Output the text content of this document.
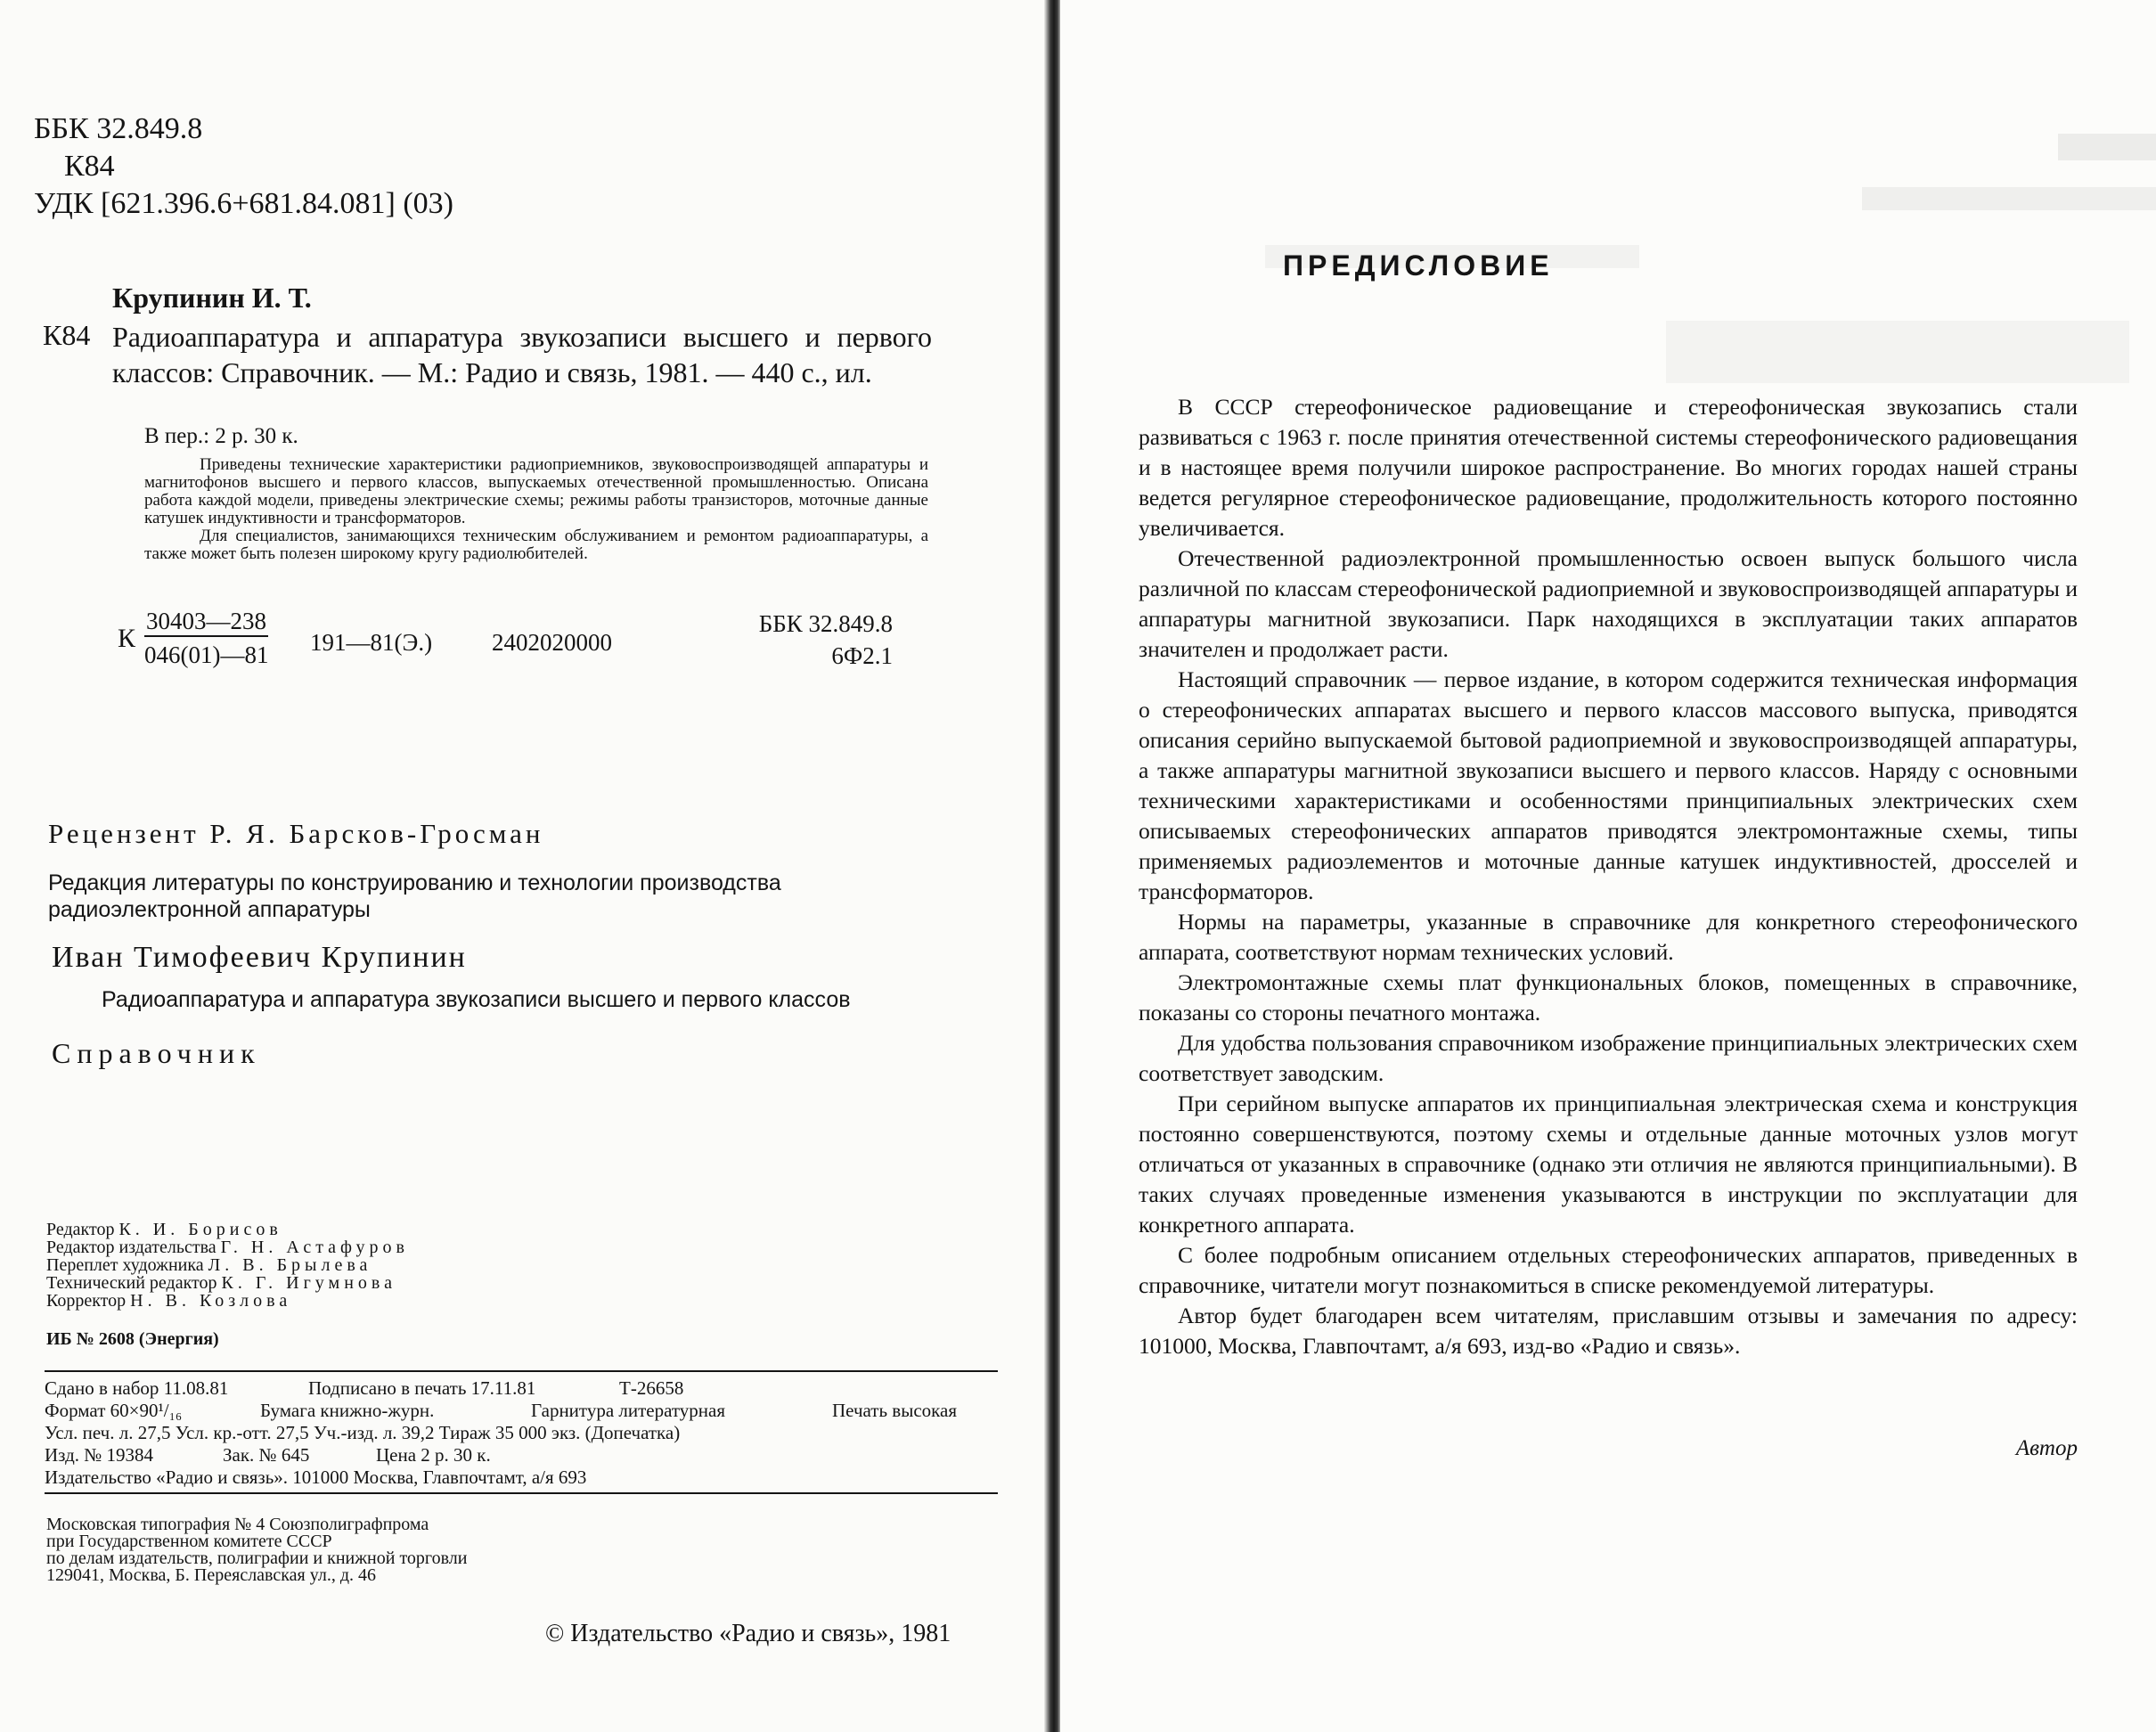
ББК 32.849.8
К84
УДК [621.396.6+681.84.081] (03)
Крупинин И. Т.
К84 Радиоаппаратура и аппаратура звукозаписи высшего и первого классов: Справочник. — М.: Радио и связь, 1981. — 440 с., ил.
В пер.: 2 р. 30 к.

Приведены технические характеристики радиоприемников, звуковоспроизводящей аппаратуры и магнитофонов высшего и первого классов, выпускаемых отечественной промышленностью. Описана работа каждой модели, приведены электрические схемы; режимы работы транзисторов, моточные данные катушек индуктивности и трансформаторов.

Для специалистов, занимающихся техническим обслуживанием и ремонтом радиоаппаратуры, а также может быть полезен широкому кругу радиолюбителей.

К
30403—238
046(01)—81 191—81(Э.) 2402020000
ББК 32.849.8
6Ф2.1
Рецензент Р. Я. Барсков-Гросман
Редакция литературы по конструированию и технологии производства радиоэлектронной аппаратуры
Иван Тимофеевич Крупинин
Радиоаппаратура и аппаратура звукозаписи высшего и первого классов
Справочник
Редактор К. И. Борисов
Редактор издательства Г. Н. Астафуров
Переплет художника Л. В. Брылева
Технический редактор К. Г. Игумнова
Корректор Н. В. Козлова
ИБ № 2608 (Энергия)
Сдано в набор 11.08.81	Подписано в печать 17.11.81	Т-26658
Формат 60×90¹/₁₆	Бумага книжно-журн.	Гарнитура литературная	Печать высокая
Усл. печ. л. 27,5 Усл. кр.-отт. 27,5 Уч.-изд. л. 39,2 Тираж 35 000 экз. (Допечатка)
Изд. № 19384	Зак. № 645	Цена 2 р. 30 к.
Издательство «Радио и связь». 101000 Москва, Главпочтамт, а/я 693
Московская типография № 4 Союзполиграфпрома
при Государственном комитете СССР
по делам издательств, полиграфии и книжной торговли
129041, Москва, Б. Переяславская ул., д. 46
© Издательство «Радио и связь», 1981
ПРЕДИСЛОВИЕ

В СССР стереофоническое радиовещание и стереофоническая звукозапись стали развиваться с 1963 г. после принятия отечественной системы стереофонического радиовещания и в настоящее время получили широкое распространение. Во многих городах нашей страны ведется регулярное стереофоническое радиовещание, продолжительность которого постоянно увеличивается.

Отечественной радиоэлектронной промышленностью освоен выпуск большого числа различной по классам стереофонической радиоприемной и звуковоспроизводящей аппаратуры и аппаратуры магнитной звукозаписи. Парк находящихся в эксплуатации таких аппаратов значителен и продолжает расти.

Настоящий справочник — первое издание, в котором содержится техническая информация о стереофонических аппаратах высшего и первого классов массового выпуска, приводятся описания серийно выпускаемой бытовой радиоприемной и звуковоспроизводящей аппаратуры, а также аппаратуры магнитной звукозаписи высшего и первого классов. Наряду с основными техническими характеристиками и особенностями принципиальных электрических схем описываемых стереофонических аппаратов приводятся электромонтажные схемы, типы применяемых радиоэлементов и моточные данные катушек индуктивностей, дросселей и трансформаторов.

Нормы на параметры, указанные в справочнике для конкретного стереофонического аппарата, соответствуют нормам технических условий.

Электромонтажные схемы плат функциональных блоков, помещенных в справочнике, показаны со стороны печатного монтажа.

Для удобства пользования справочником изображение принципиальных электрических схем соответствует заводским.

При серийном выпуске аппаратов их принципиальная электрическая схема и конструкция постоянно совершенствуются, поэтому схемы и отдельные данные моточных узлов могут отличаться от указанных в справочнике (однако эти отличия не являются принципиальными). В таких случаях проведенные изменения указываются в инструкции по эксплуатации для конкретного аппарата.

С более подробным описанием отдельных стереофонических аппаратов, приведенных в справочнике, читатели могут познакомиться в списке рекомендуемой литературы.

Автор будет благодарен всем читателям, приславшим отзывы и замечания по адресу: 101000, Москва, Главпочтамт, а/я 693, изд-во «Радио и связь».

Автор
